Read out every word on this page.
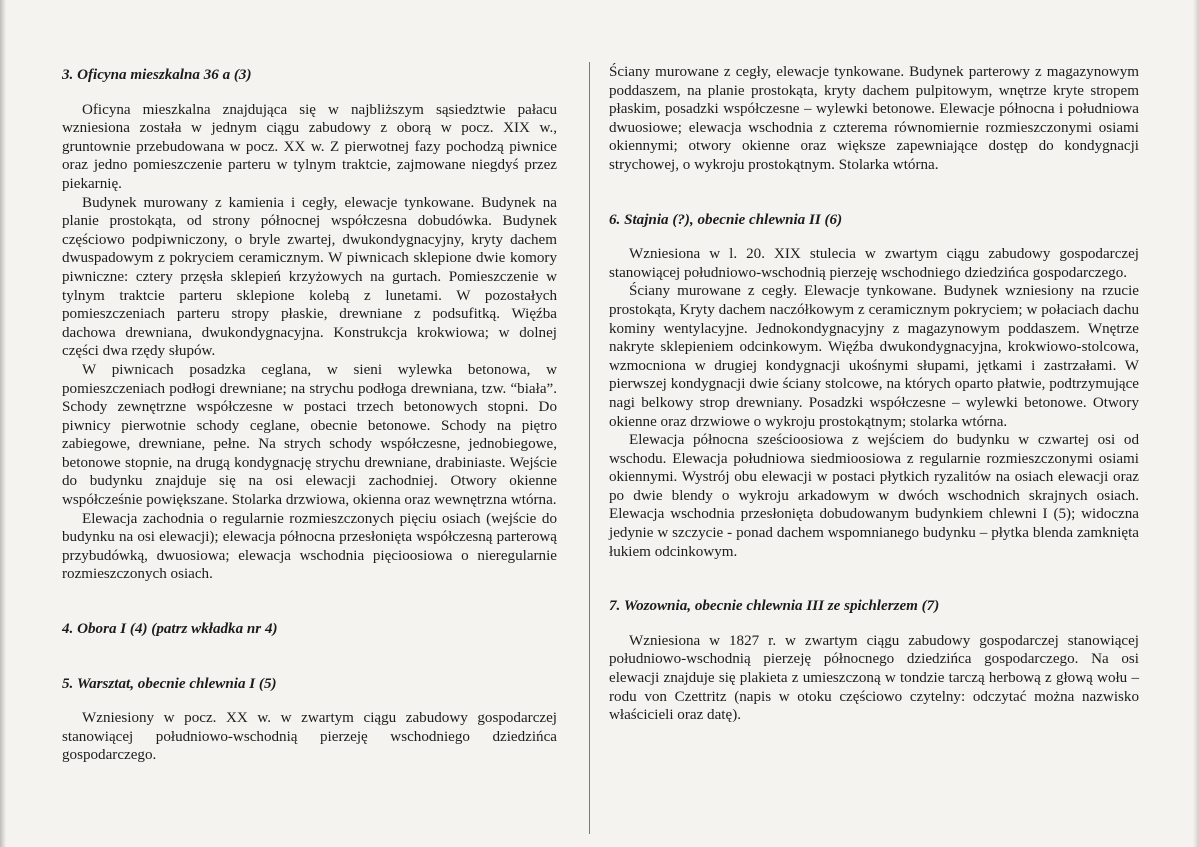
3. Oficyna mieszkalna 36 a (3)

Oficyna mieszkalna znajdująca się w najbliższym sąsiedztwie pałacu wzniesiona została w jednym ciągu zabudowy z oborą w pocz. XIX w., gruntownie przebudowana w pocz. XX w. Z pierwotnej fazy pochodzą piwnice oraz jedno pomieszczenie parteru w tylnym traktcie, zajmowane niegdyś przez piekarnię.

Budynek murowany z kamienia i cegły, elewacje tynkowane. Budynek na planie prostokąta, od strony północnej współczesna dobudówka. Budynek częściowo podpiwniczony, o bryle zwartej, dwukondygnacyjny, kryty dachem dwuspadowym z pokryciem ceramicznym. W piwnicach sklepione dwie komory piwniczne: cztery przęsła sklepień krzyżowych na gurtach. Pomieszczenie w tylnym traktcie parteru sklepione kolebą z lunetami. W pozostałych pomieszczeniach parteru stropy płaskie, drewniane z podsufitką. Więźba dachowa drewniana, dwukondygnacyjna. Konstrukcja krokwiowa; w dolnej części dwa rzędy słupów.

W piwnicach posadzka ceglana, w sieni wylewka betonowa, w pomieszczeniach podłogi drewniane; na strychu podłoga drewniana, tzw. “biała”. Schody zewnętrzne współczesne w postaci trzech betonowych stopni. Do piwnicy pierwotnie schody ceglane, obecnie betonowe. Schody na piętro zabiegowe, drewniane, pełne. Na strych schody współczesne, jednobiegowe, betonowe stopnie, na drugą kondygnację strychu drewniane, drabiniaste. Wejście do budynku znajduje się na osi elewacji zachodniej. Otwory okienne współcześnie powiększane. Stolarka drzwiowa, okienna oraz wewnętrzna wtórna.

Elewacja zachodnia o regularnie rozmieszczonych pięciu osiach (wejście do budynku na osi elewacji); elewacja północna przesłonięta współczesną parterową przybudówką, dwuosiowa; elewacja wschodnia pięcioosiowa o nieregularnie rozmieszczonych osiach.

4. Obora I (4) (patrz wkładka nr 4)
5. Warsztat, obecnie chlewnia I (5)

Wzniesiony w pocz. XX w. w zwartym ciągu zabudowy gospodarczej stanowiącej południowo-wschodnią pierzeję wschodniego dziedzińca gospodarczego.

Ściany murowane z cegły, elewacje tynkowane. Budynek parterowy z magazynowym poddaszem, na planie prostokąta, kryty dachem pulpitowym, wnętrze kryte stropem płaskim, posadzki współczesne – wylewki betonowe. Elewacje północna i południowa dwuosiowe; elewacja wschodnia z czterema równomiernie rozmieszczonymi osiami okiennymi; otwory okienne oraz większe zapewniające dostęp do kondygnacji strychowej, o wykroju prostokątnym. Stolarka wtórna.

6. Stajnia (?), obecnie chlewnia II (6)

Wzniesiona w l. 20. XIX stulecia w zwartym ciągu zabudowy gospodarczej stanowiącej południowo-wschodnią pierzeję wschodniego dziedzińca gospodarczego.

Ściany murowane z cegły. Elewacje tynkowane. Budynek wzniesiony na rzucie prostokąta, Kryty dachem naczółkowym z ceramicznym pokryciem; w połaciach dachu kominy wentylacyjne. Jednokondygnacyjny z magazynowym poddaszem. Wnętrze nakryte sklepieniem odcinkowym. Więźba dwukondygnacyjna, krokwiowo-stolcowa, wzmocniona w drugiej kondygnacji ukośnymi słupami, jętkami i zastrzałami. W pierwszej kondygnacji dwie ściany stolcowe, na których oparto płatwie, podtrzymujące nagi belkowy strop drewniany. Posadzki współczesne – wylewki betonowe. Otwory okienne oraz drzwiowe o wykroju prostokątnym; stolarka wtórna.

Elewacja północna sześcioosiowa z wejściem do budynku w czwartej osi od wschodu. Elewacja południowa siedmioosiowa z regularnie rozmieszczonymi osiami okiennymi. Wystrój obu elewacji w postaci płytkich ryzalitów na osiach elewacji oraz po dwie blendy o wykroju arkadowym w dwóch wschodnich skrajnych osiach. Elewacja wschodnia przesłonięta dobudowanym budynkiem chlewni I (5); widoczna jedynie w szczycie - ponad dachem wspomnianego budynku – płytka blenda zamknięta łukiem odcinkowym.

7. Wozownia, obecnie chlewnia III ze spichlerzem (7)

Wzniesiona w 1827 r. w zwartym ciągu zabudowy gospodarczej stanowiącej południowo-wschodnią pierzeję północnego dziedzińca gospodarczego. Na osi elewacji znajduje się plakieta z umieszczoną w tondzie tarczą herbową z głową wołu – rodu von Czettritz (napis w otoku częściowo czytelny: odczytać można nazwisko właścicieli oraz datę).
